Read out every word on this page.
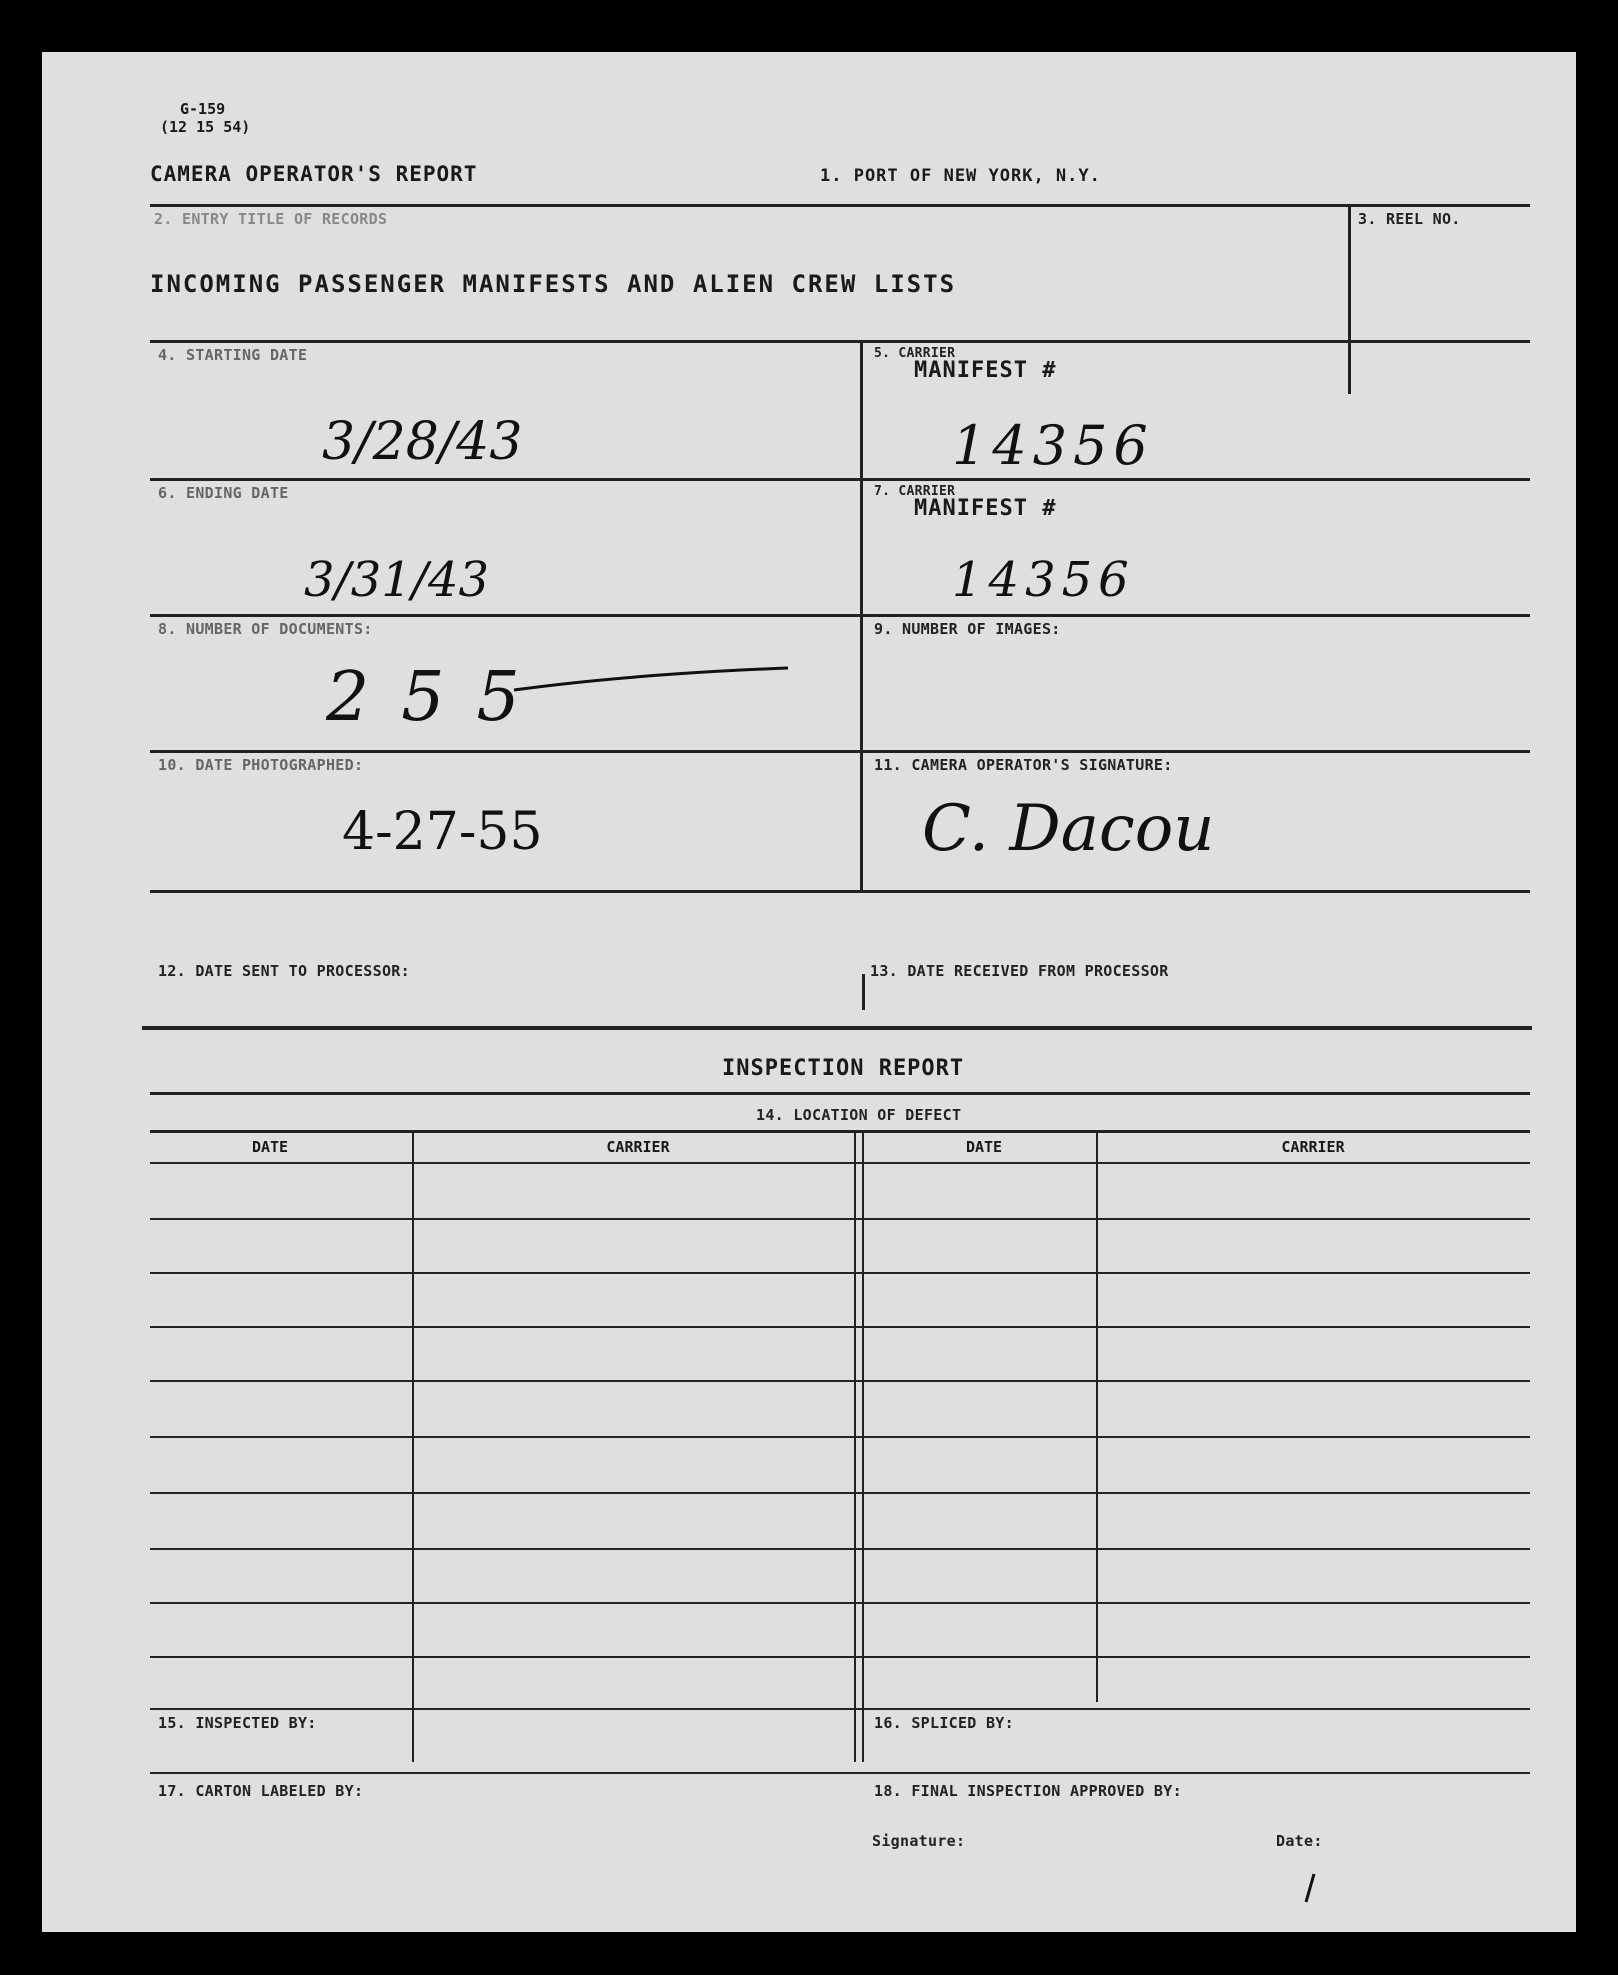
G-159
(12 15 54)
CAMERA OPERATOR'S REPORT	1. PORT OF NEW YORK, N.Y.
2. ENTRY TITLE OF RECORDS
INCOMING PASSENGER MANIFESTS AND ALIEN CREW LISTS
3. REEL NO.
4. STARTING DATE
3/28/43
5. CARRIER
MANIFEST #
14356
6. ENDING DATE
3/31/43
7. CARRIER
MANIFEST #
14356
8. NUMBER OF DOCUMENTS:
255
9. NUMBER OF IMAGES:
10. DATE PHOTOGRAPHED:
4-27-55
11. CAMERA OPERATOR'S SIGNATURE:
C. Dacou
12. DATE SENT TO PROCESSOR:	13. DATE RECEIVED FROM PROCESSOR
INSPECTION REPORT
14. LOCATION OF DEFECT
DATE	CARRIER	DATE	CARRIER
15. INSPECTED BY:	16. SPLICED BY:
17. CARTON LABELED BY:	18. FINAL INSPECTION APPROVED BY:
Signature:	Date:
